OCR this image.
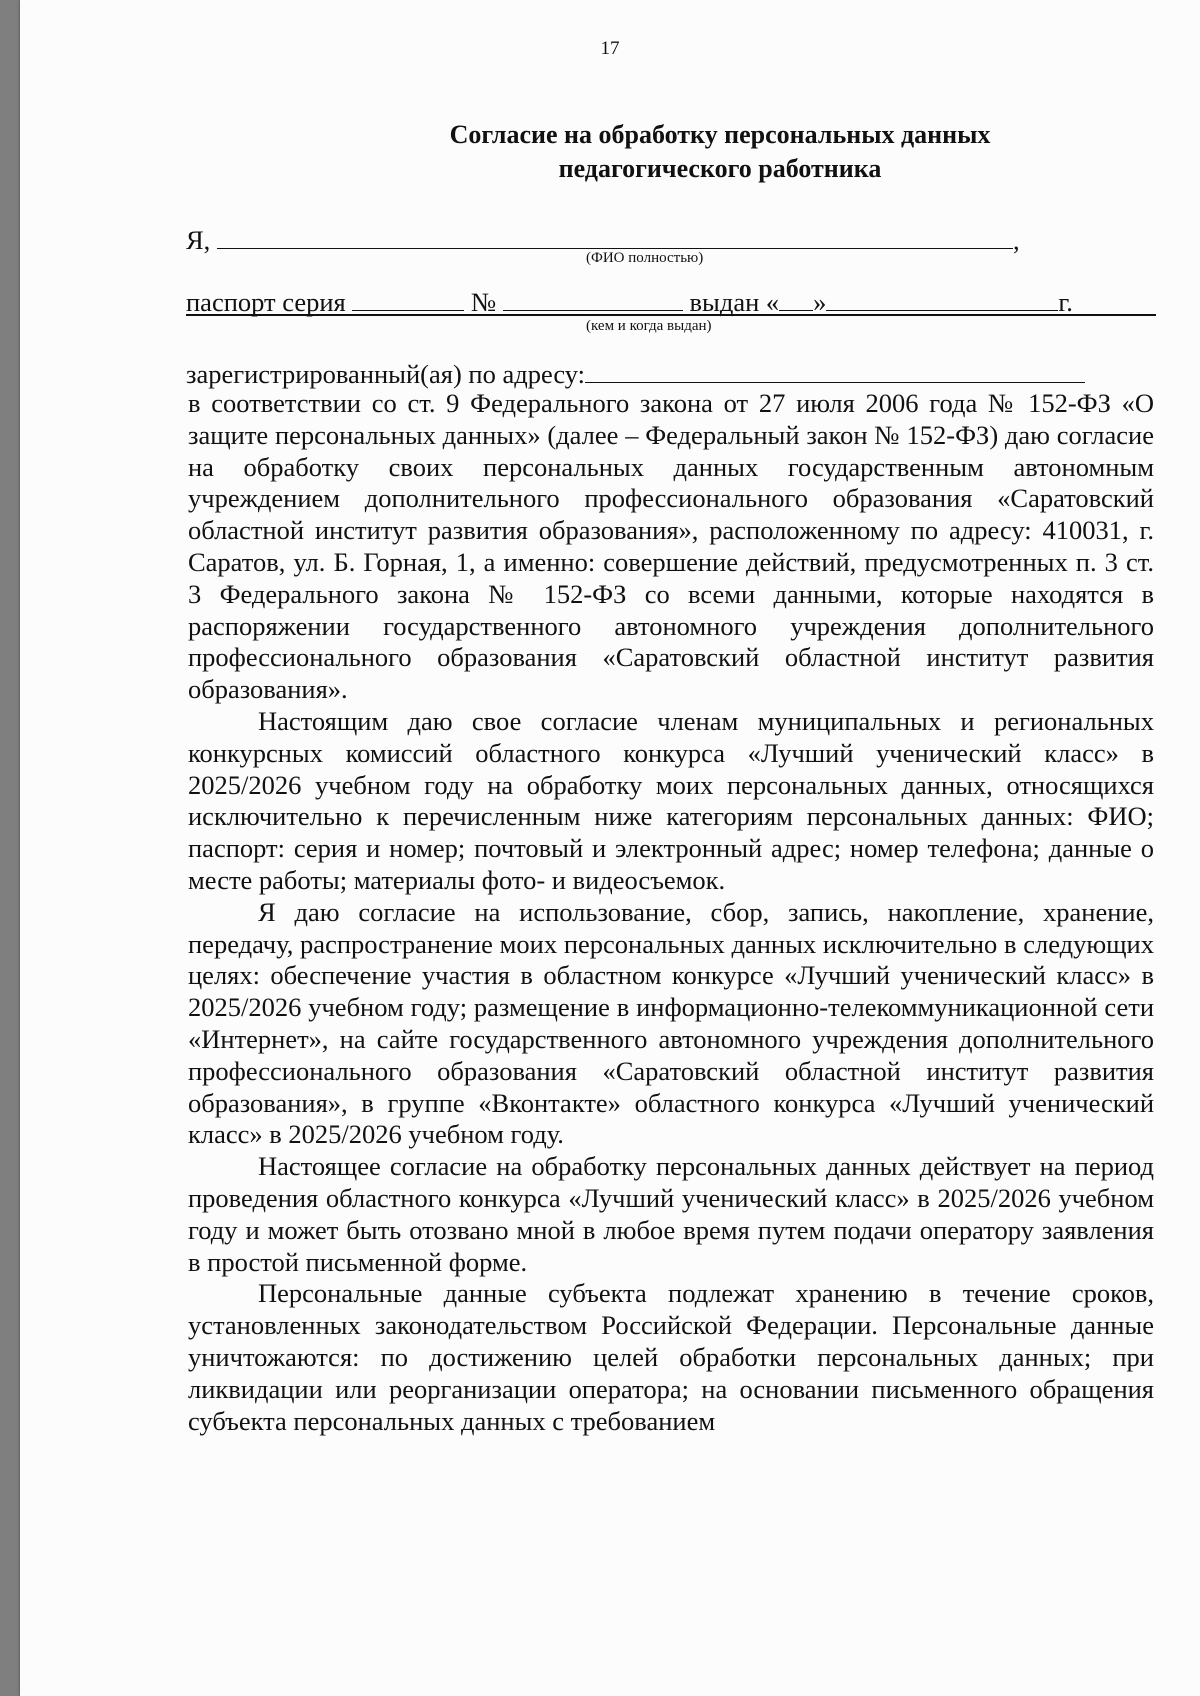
17
Согласие на обработку персональных данных
педагогического работника
Я,	,
(ФИО полностью)
паспорт серия	№	выдан « »	г.
(кем и когда выдан)
зарегистрированный(ая) по адресу:

в соответствии со ст. 9 Федерального закона от 27 июля 2006 года № 152-ФЗ «О защите персональных данных» (далее – Федеральный закон № 152-ФЗ) даю согласие на обработку своих персональных данных государственным автономным учреждением дополнительного профессионального образования «Саратовский областной институт развития образования», расположенному по адресу: 410031, г. Саратов, ул. Б. Горная, 1, а именно: совершение действий, предусмотренных п. 3 ст. 3 Федерального закона № 152-ФЗ со всеми данными, которые находятся в распоряжении государственного автономного учреждения дополнительного профессионального образования «Саратовский областной институт развития образования».

Настоящим даю свое согласие членам муниципальных и региональных конкурсных комиссий областного конкурса «Лучший ученический класс» в 2025/2026 учебном году на обработку моих персональных данных, относящихся исключительно к перечисленным ниже категориям персональных данных: ФИО; паспорт: серия и номер; почтовый и электронный адрес; номер телефона; данные о месте работы; материалы фото- и видеосъемок.

Я даю согласие на использование, сбор, запись, накопление, хранение, передачу, распространение моих персональных данных исключительно в следующих целях: обеспечение участия в областном конкурсе «Лучший ученический класс» в 2025/2026 учебном году; размещение в информационно-телекоммуникационной сети «Интернет», на сайте государственного автономного учреждения дополнительного профессионального образования «Саратовский областной институт развития образования», в группе «Вконтакте» областного конкурса «Лучший ученический класс» в 2025/2026 учебном году.

Настоящее согласие на обработку персональных данных действует на период проведения областного конкурса «Лучший ученический класс» в 2025/2026 учебном году и может быть отозвано мной в любое время путем подачи оператору заявления в простой письменной форме.

Персональные данные субъекта подлежат хранению в течение сроков, установленных законодательством Российской Федерации. Персональные данные уничтожаются: по достижению целей обработки персональных данных; при ликвидации или реорганизации оператора; на основании письменного обращения субъекта персональных данных с требованием
